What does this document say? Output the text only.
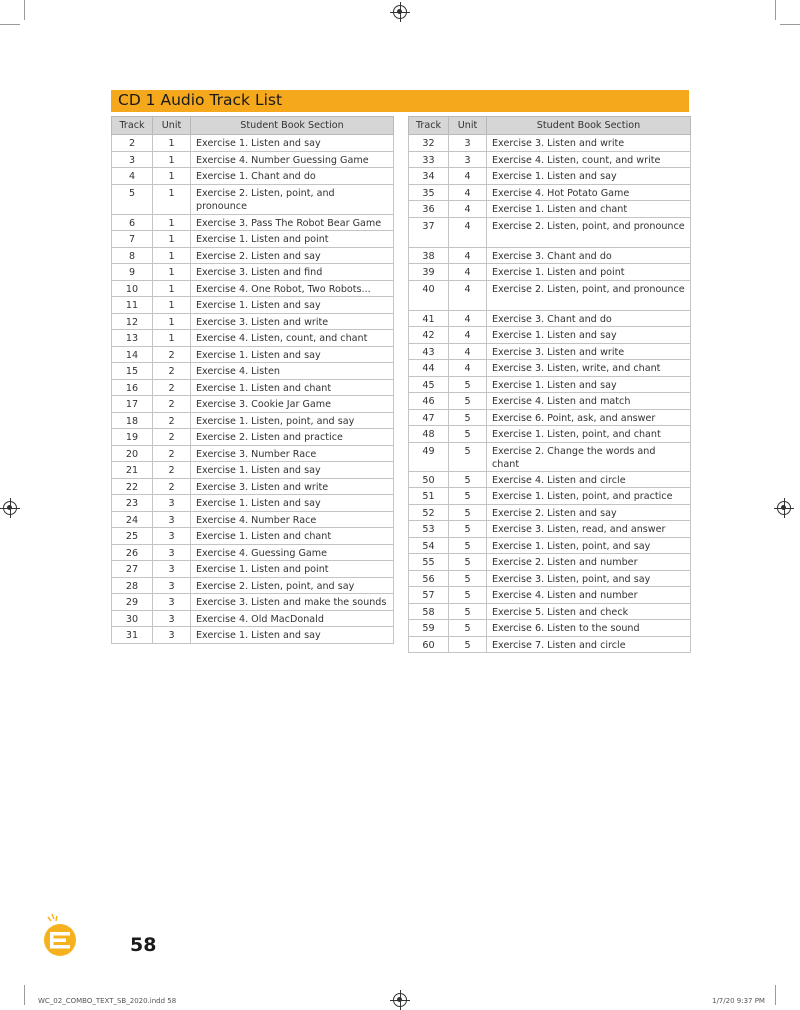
CD 1 Audio Track List
Track	Unit	Student Book Section
2	1	Exercise 1. Listen and say
3	1	Exercise 4. Number Guessing Game
4	1	Exercise 1. Chant and do
5	1	Exercise 2. Listen, point, and pronounce
6	1	Exercise 3. Pass The Robot Bear Game
7	1	Exercise 1. Listen and point
8	1	Exercise 2. Listen and say
9	1	Exercise 3. Listen and find
10	1	Exercise 4. One Robot, Two Robots...
11	1	Exercise 1. Listen and say
12	1	Exercise 3. Listen and write
13	1	Exercise 4. Listen, count, and chant
14	2	Exercise 1. Listen and say
15	2	Exercise 4. Listen
16	2	Exercise 1. Listen and chant
17	2	Exercise 3. Cookie Jar Game
18	2	Exercise 1. Listen, point, and say
19	2	Exercise 2. Listen and practice
20	2	Exercise 3. Number Race
21	2	Exercise 1. Listen and say
22	2	Exercise 3. Listen and write
23	3	Exercise 1. Listen and say
24	3	Exercise 4. Number Race
25	3	Exercise 1. Listen and chant
26	3	Exercise 4. Guessing Game
27	3	Exercise 1. Listen and point
28	3	Exercise 2. Listen, point, and say
29	3	Exercise 3. Listen and make the sounds
30	3	Exercise 4. Old MacDonald
31	3	Exercise 1. Listen and say
Track	Unit	Student Book Section
32	3	Exercise 3. Listen and write
33	3	Exercise 4. Listen, count, and write
34	4	Exercise 1. Listen and say
35	4	Exercise 4. Hot Potato Game
36	4	Exercise 1. Listen and chant
37	4	Exercise 2. Listen, point, and pronounce
38	4	Exercise 3. Chant and do
39	4	Exercise 1. Listen and point
40	4	Exercise 2. Listen, point, and pronounce
41	4	Exercise 3. Chant and do
42	4	Exercise 1. Listen and say
43	4	Exercise 3. Listen and write
44	4	Exercise 3. Listen, write, and chant
45	5	Exercise 1. Listen and say
46	5	Exercise 4. Listen and match
47	5	Exercise 6. Point, ask, and answer
48	5	Exercise 1. Listen, point, and chant
49	5	Exercise 2. Change the words and chant
50	5	Exercise 4. Listen and circle
51	5	Exercise 1. Listen, point, and practice
52	5	Exercise 2. Listen and say
53	5	Exercise 3. Listen, read, and answer
54	5	Exercise 1. Listen, point, and say
55	5	Exercise 2. Listen and number
56	5	Exercise 3. Listen, point, and say
57	5	Exercise 4. Listen and number
58	5	Exercise 5. Listen and check
59	5	Exercise 6. Listen to the sound
60	5	Exercise 7. Listen and circle
58
WC_02_COMBO_TEXT_SB_2020.indd 58	1/7/20 9:37 PM
